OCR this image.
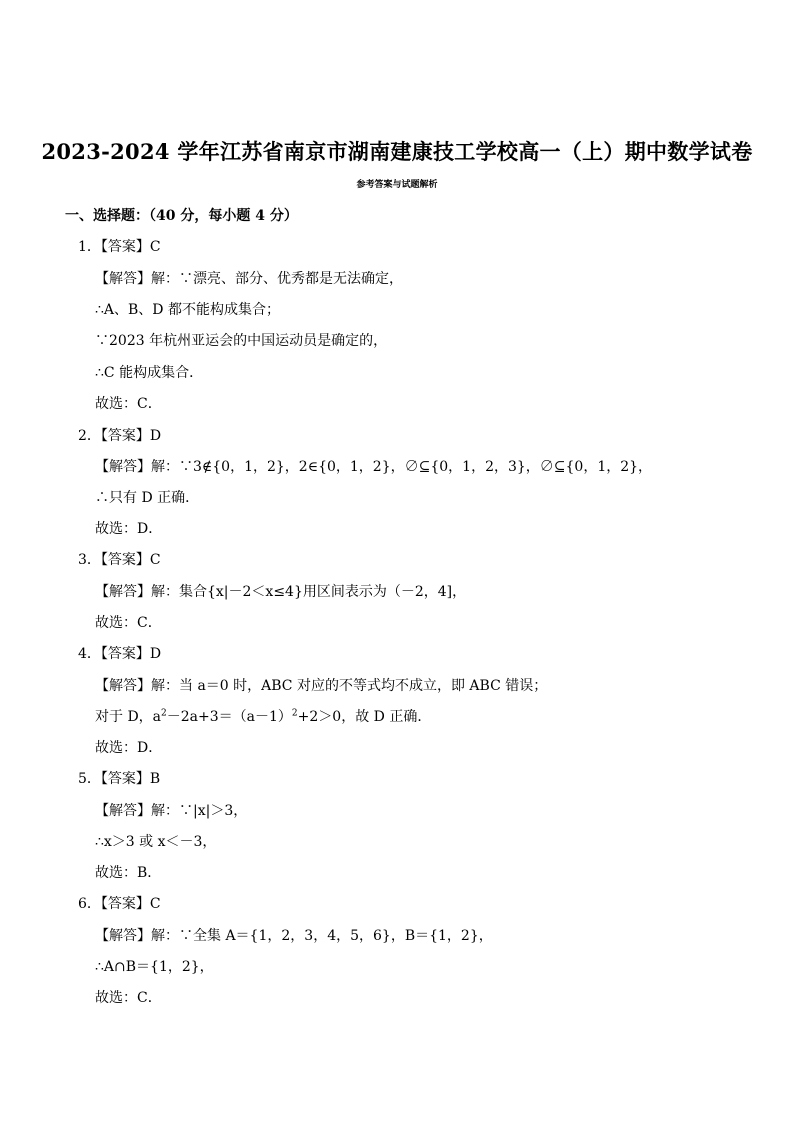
2023-2024 学年江苏省南京市湖南建康技工学校高一（上）期中数学试卷
参考答案与试题解析
一、选择题：（40 分，每小题 4 分）
1．【答案】C
【解答】解：∵漂亮、部分、优秀都是无法确定，
∴A、B、D 都不能构成集合；
∵2023 年杭州亚运会的中国运动员是确定的，
∴C 能构成集合．
故选：C．
2．【答案】D
【解答】解：∵3∉{0，1，2}，2∈{0，1，2}，∅⊆{0，1，2，3}，∅⊆{0，1，2}，
∴只有 D 正确．
故选：D．
3．【答案】C
【解答】解：集合{x|－2＜x≤4}用区间表示为（－2，4]，
故选：C．
4．【答案】D
【解答】解：当 a＝0 时，ABC 对应的不等式均不成立，即 ABC 错误；
对于 D，$a^2-2a+3=(a-1)^2+2>0$，故 D 正确．
故选：D．
5．【答案】B
【解答】解：∵|x|＞3，
∴x＞3 或 x＜－3，
故选：B．
6．【答案】C
【解答】解：∵全集 A＝{1，2，3，4，5，6}，B＝{1，2}，
∴A∩B＝{1，2}，
故选：C．
